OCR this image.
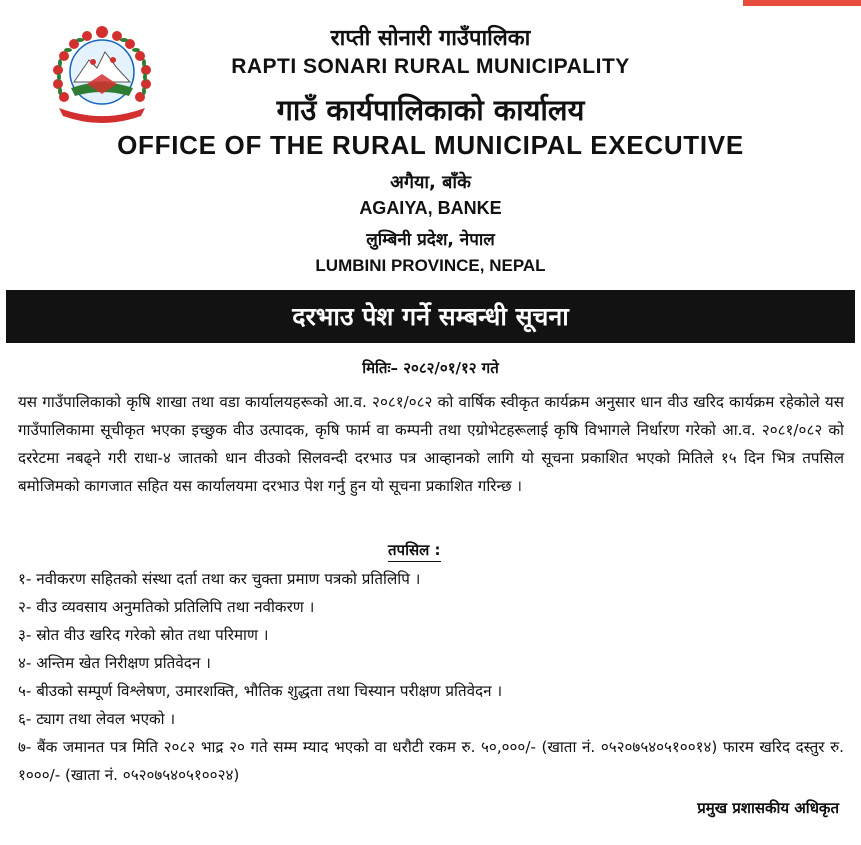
राप्ती सोनारी गाउँपालिका
RAPTI SONARI RURAL MUNICIPALITY
गाउँ कार्यपालिकाको कार्यालय
OFFICE OF THE RURAL MUNICIPAL EXECUTIVE
अगैया, बाँके
AGAIYA, BANKE
लुम्बिनी प्रदेश, नेपाल
LUMBINI PROVINCE, NEPAL
दरभाउ पेश गर्ने सम्बन्धी सूचना
मितिः– २०८२/०१/१२ गते
यस गाउँपालिकाको कृषि शाखा तथा वडा कार्यालयहरूको आ.व. २०८१/०८२ को वार्षिक स्वीकृत कार्यक्रम अनुसार धान वीउ खरिद कार्यक्रम रहेकोले यस गाउँपालिकामा सूचीकृत भएका इच्छुक वीउ उत्पादक, कृषि फार्म वा कम्पनी तथा एग्रोभेटहरूलाई कृषि विभागले निर्धारण गरेको आ.व. २०८१/०८२ को दररेटमा नबढ्ने गरी राधा-४ जातको धान वीउको सिलवन्दी दरभाउ पत्र आव्हानको लागि यो सूचना प्रकाशित भएको मितिले १५ दिन भित्र तपसिल बमोजिमको कागजात सहित यस कार्यालयमा दरभाउ पेश गर्नु हुन यो सूचना प्रकाशित गरिन्छ ।
तपसिल :
१- नवीकरण सहितको संस्था दर्ता तथा कर चुक्ता प्रमाण पत्रको प्रतिलिपि ।
२- वीउ व्यवसाय अनुमतिको प्रतिलिपि तथा नवीकरण ।
३- स्रोत वीउ खरिद गरेको स्रोत तथा परिमाण ।
४- अन्तिम खेत निरीक्षण प्रतिवेदन ।
५- बीउको सम्पूर्ण विश्लेषण, उमारशक्ति, भौतिक शुद्धता तथा चिस्यान परीक्षण प्रतिवेदन ।
६- ट्याग तथा लेवल भएको ।
७- बैंक जमानत पत्र मिति २०८२ भाद्र २० गते सम्म म्याद भएको वा धरौटी रकम रु. ५०,०००/- (खाता नं. ०५२०७५४०५१००१४) फारम खरिद दस्तुर रु. १०००/- (खाता नं. ०५२०७५४०५१००२४)
प्रमुख प्रशासकीय अधिकृत
